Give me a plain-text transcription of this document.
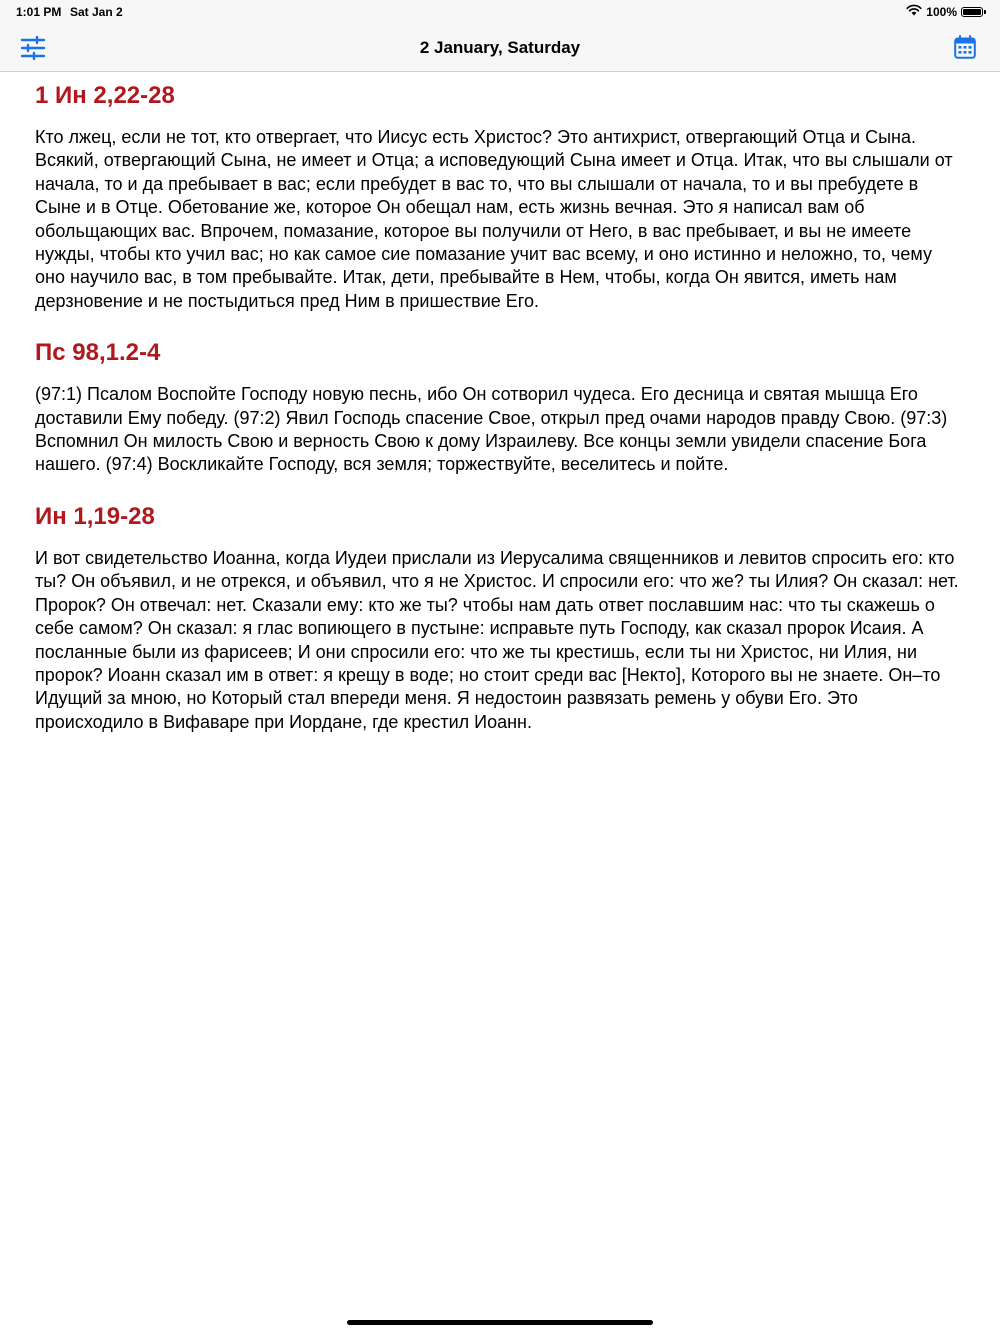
1:01 PM Sat Jan 2	100%
2 January, Saturday
1 Ин 2,22-28

Кто лжец, если не тот, кто отвергает, что Иисус есть Христос? Это антихрист, отвергающий Отца и Сына. Всякий, отвергающий Сына, не имеет и Отца; а исповедующий Сына имеет и Отца. Итак, что вы слышали от начала, то и да пребывает в вас; если пребудет в вас то, что вы слышали от начала, то и вы пребудете в Сыне и в Отце. Обетование же, которое Он обещал нам, есть жизнь вечная. Это я написал вам об обольщающих вас. Впрочем, помазание, которое вы получили от Него, в вас пребывает, и вы не имеете нужды, чтобы кто учил вас; но как самое сие помазание учит вас всему, и оно истинно и неложно, то, чему оно научило вас, в том пребывайте. Итак, дети, пребывайте в Нем, чтобы, когда Он явится, иметь нам дерзновение и не постыдиться пред Ним в пришествие Его.

Пс 98,1.2-4

(97:1) Псалом Воспойте Господу новую песнь, ибо Он сотворил чудеса. Его десница и святая мышца Его доставили Ему победу. (97:2) Явил Господь спасение Свое, открыл пред очами народов правду Свою. (97:3) Вспомнил Он милость Свою и верность Свою к дому Израилеву. Все концы земли увидели спасение Бога нашего. (97:4) Воскликайте Господу, вся земля; торжествуйте, веселитесь и пойте.

Ин 1,19-28

И вот свидетельство Иоанна, когда Иудеи прислали из Иерусалима священников и левитов спросить его: кто ты? Он объявил, и не отрекся, и объявил, что я не Христос. И спросили его: что же? ты Илия? Он сказал: нет. Пророк? Он отвечал: нет. Сказали ему: кто же ты? чтобы нам дать ответ пославшим нас: что ты скажешь о себе самом? Он сказал: я глас вопиющего в пустыне: исправьте путь Господу, как сказал пророк Исаия. А посланные были из фарисеев; И они спросили его: что же ты крестишь, если ты ни Христос, ни Илия, ни пророк? Иоанн сказал им в ответ: я крещу в воде; но стоит среди вас [Некто], Которого вы не знаете. Он–то Идущий за мною, но Который стал впереди меня. Я недостоин развязать ремень у обуви Его. Это происходило в Вифаваре при Иордане, где крестил Иоанн.
